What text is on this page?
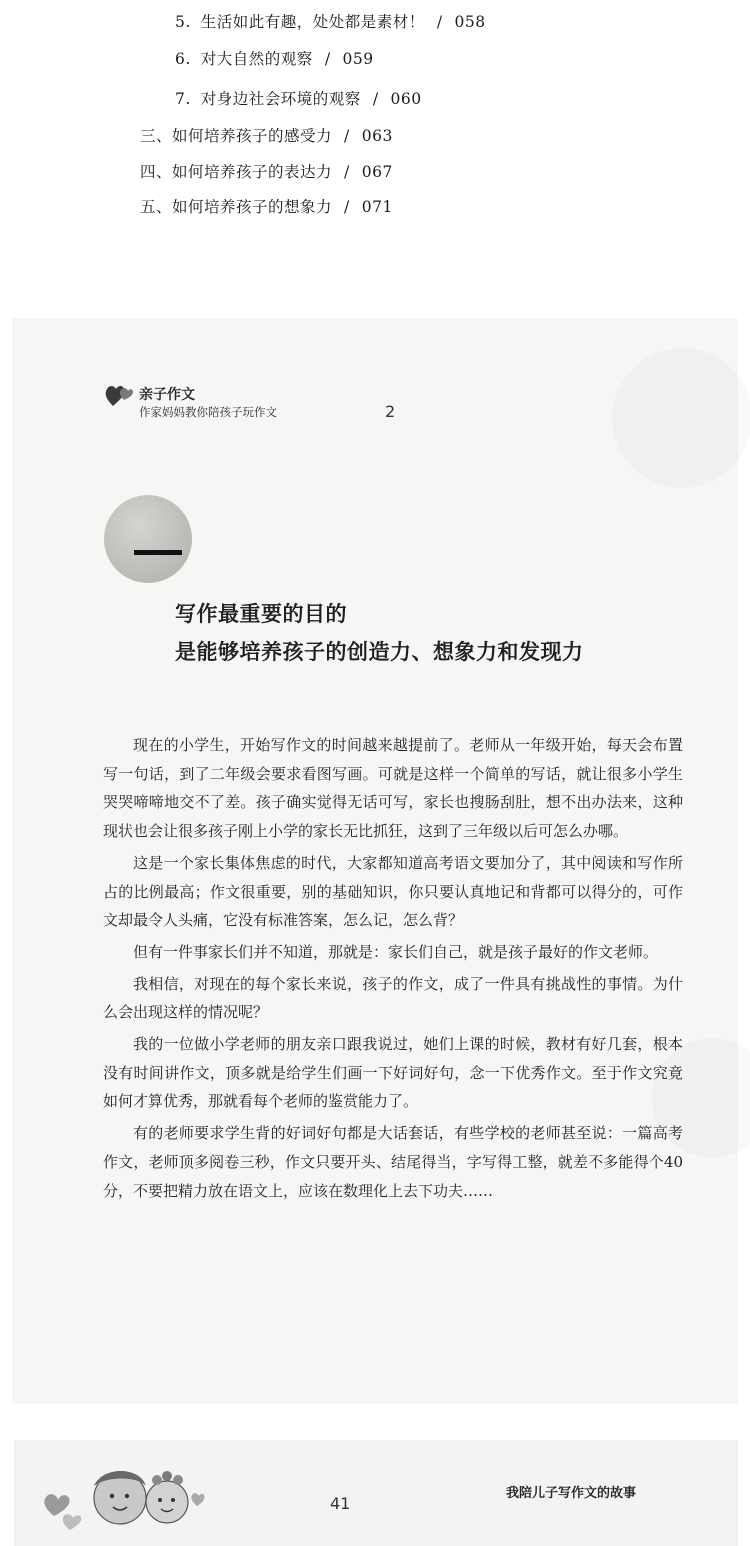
5. 生活如此有趣，处处都是素材！ / 058
6. 对大自然的观察 / 059
7. 对身边社会环境的观察 / 060
三、如何培养孩子的感受力 / 063
四、如何培养孩子的表达力 / 067
五、如何培养孩子的想象力 / 071
亲子作文
作家妈妈教你陪孩子玩作文	2
写作最重要的目的
是能够培养孩子的创造力、想象力和发现力

现在的小学生，开始写作文的时间越来越提前了。老师从一年级开始，每天会布置写一句话，到了二年级会要求看图写画。可就是这样一个简单的写话，就让很多小学生哭哭啼啼地交不了差。孩子确实觉得无话可写，家长也搜肠刮肚，想不出办法来，这种现状也会让很多孩子刚上小学的家长无比抓狂，这到了三年级以后可怎么办哪。

这是一个家长集体焦虑的时代，大家都知道高考语文要加分了，其中阅读和写作所占的比例最高；作文很重要，别的基础知识，你只要认真地记和背都可以得分的，可作文却最令人头痛，它没有标准答案，怎么记，怎么背？

但有一件事家长们并不知道，那就是：家长们自己，就是孩子最好的作文老师。

我相信，对现在的每个家长来说，孩子的作文，成了一件具有挑战性的事情。为什么会出现这样的情况呢？

我的一位做小学老师的朋友亲口跟我说过，她们上课的时候，教材有好几套，根本没有时间讲作文，顶多就是给学生们画一下好词好句，念一下优秀作文。至于作文究竟如何才算优秀，那就看每个老师的鉴赏能力了。

有的老师要求学生背的好词好句都是大话套话，有些学校的老师甚至说：一篇高考作文，老师顶多阅卷三秒，作文只要开头、结尾得当，字写得工整，就差不多能得个40分，不要把精力放在语文上，应该在数理化上去下功夫……

41
我陪儿子写作文的故事
